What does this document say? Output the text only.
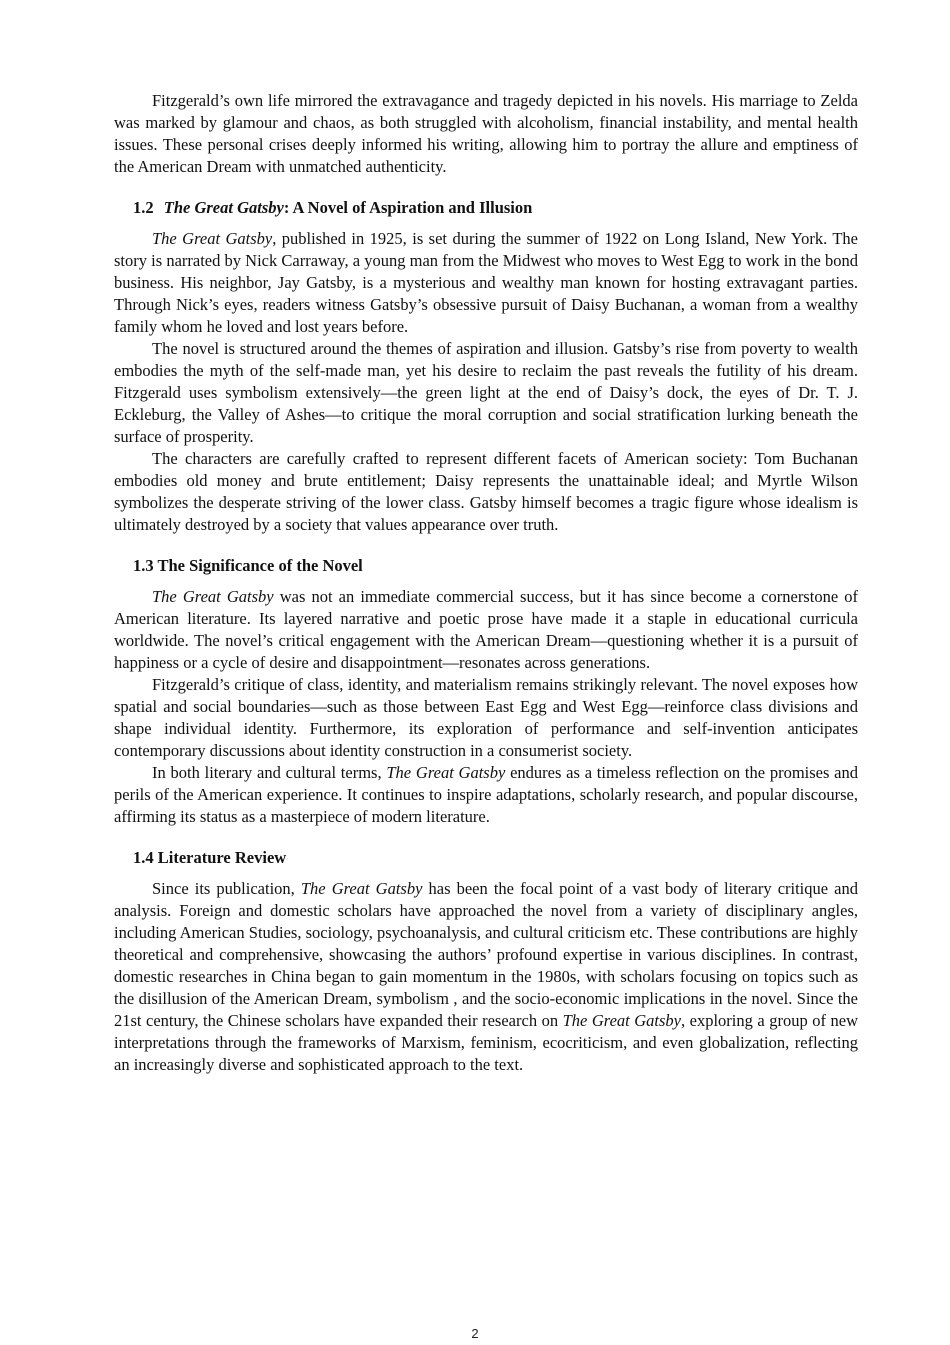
Fitzgerald’s own life mirrored the extravagance and tragedy depicted in his novels. His marriage to Zelda was marked by glamour and chaos, as both struggled with alcoholism, financial instability, and mental health issues. These personal crises deeply informed his writing, allowing him to portray the allure and emptiness of the American Dream with unmatched authenticity.

1.2 The Great Gatsby: A Novel of Aspiration and Illusion

The Great Gatsby, published in 1925, is set during the summer of 1922 on Long Island, New York. The story is narrated by Nick Carraway, a young man from the Midwest who moves to West Egg to work in the bond business. His neighbor, Jay Gatsby, is a mysterious and wealthy man known for hosting extravagant parties. Through Nick’s eyes, readers witness Gatsby’s obsessive pursuit of Daisy Buchanan, a woman from a wealthy family whom he loved and lost years before.

The novel is structured around the themes of aspiration and illusion. Gatsby’s rise from poverty to wealth embodies the myth of the self-made man, yet his desire to reclaim the past reveals the futility of his dream. Fitzgerald uses symbolism extensively—the green light at the end of Daisy’s dock, the eyes of Dr. T. J. Eckleburg, the Valley of Ashes—to critique the moral corruption and social stratification lurking beneath the surface of prosperity.

The characters are carefully crafted to represent different facets of American society: Tom Buchanan embodies old money and brute entitlement; Daisy represents the unattainable ideal; and Myrtle Wilson symbolizes the desperate striving of the lower class. Gatsby himself becomes a tragic figure whose idealism is ultimately destroyed by a society that values appearance over truth.

1.3 The Significance of the Novel

The Great Gatsby was not an immediate commercial success, but it has since become a cornerstone of American literature. Its layered narrative and poetic prose have made it a staple in educational curricula worldwide. The novel’s critical engagement with the American Dream—questioning whether it is a pursuit of happiness or a cycle of desire and disappointment—resonates across generations.

Fitzgerald’s critique of class, identity, and materialism remains strikingly relevant. The novel exposes how spatial and social boundaries—such as those between East Egg and West Egg—reinforce class divisions and shape individual identity. Furthermore, its exploration of performance and self-invention anticipates contemporary discussions about identity construction in a consumerist society.

In both literary and cultural terms, The Great Gatsby endures as a timeless reflection on the promises and perils of the American experience. It continues to inspire adaptations, scholarly research, and popular discourse, affirming its status as a masterpiece of modern literature.

1.4 Literature Review

Since its publication, The Great Gatsby has been the focal point of a vast body of literary critique and analysis. Foreign and domestic scholars have approached the novel from a variety of disciplinary angles, including American Studies, sociology, psychoanalysis, and cultural criticism etc. These contributions are highly theoretical and comprehensive, showcasing the authors’ profound expertise in various disciplines. In contrast, domestic researches in China began to gain momentum in the 1980s, with scholars focusing on topics such as the disillusion of the American Dream, symbolism , and the socio-economic implications in the novel. Since the 21st century, the Chinese scholars have expanded their research on The Great Gatsby, exploring a group of new interpretations through the frameworks of Marxism, feminism, ecocriticism, and even globalization, reflecting an increasingly diverse and sophisticated approach to the text.

2
